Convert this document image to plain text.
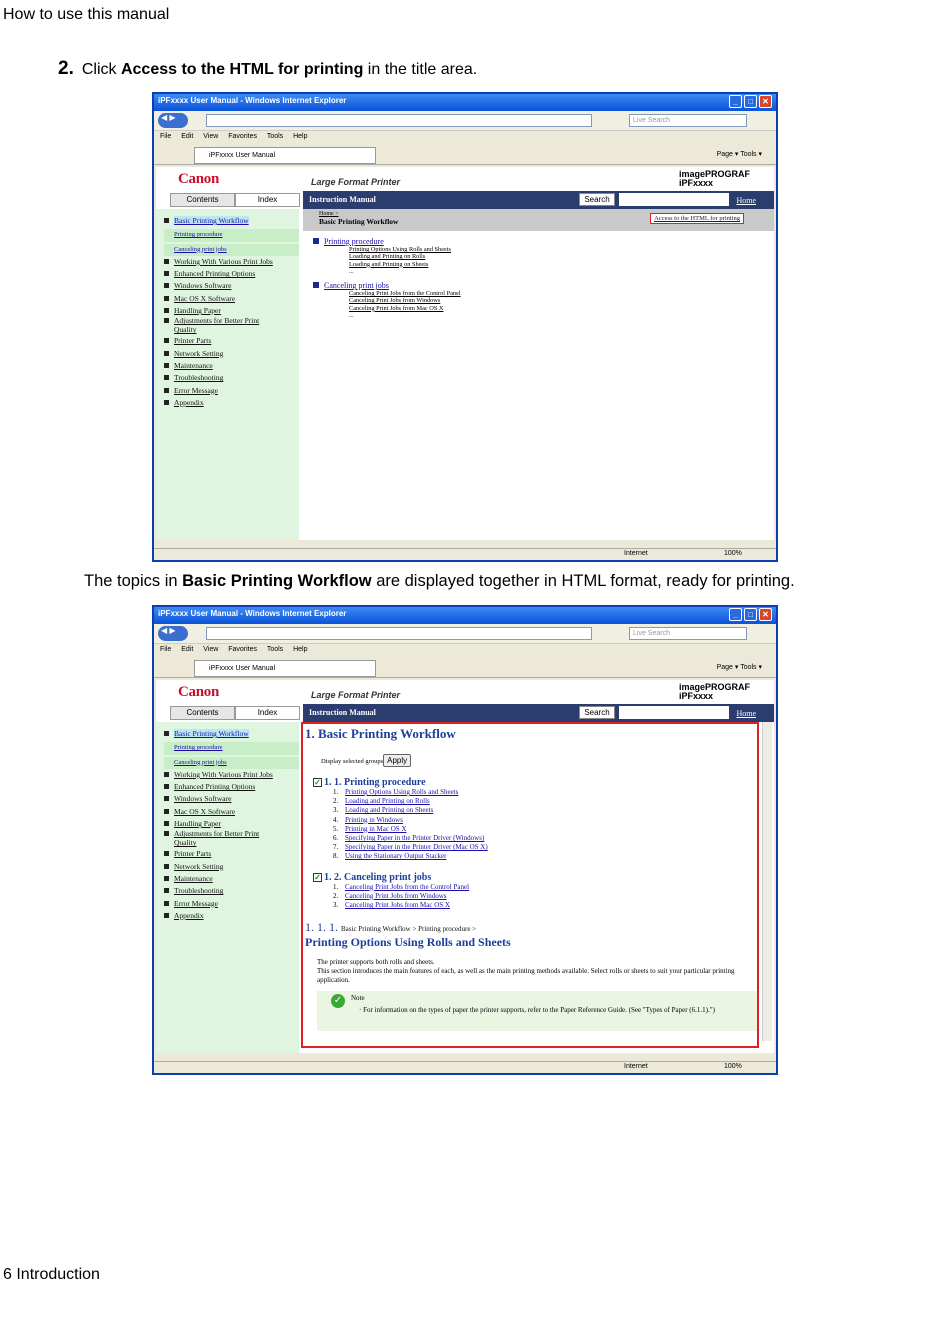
How to use this manual
2. Click Access to the HTML for printing in the title area.
iPFxxxx User Manual - Windows Internet Explorer	_	□	✕
◀ ▶	Live Search
File Edit View Favorites Tools Help
iPFxxxx User Manual	Page ▾ Tools ▾
Canon	Large Format Printer
imagePROGRAF
iPFxxxx
Contents	Index
Basic Printing Workflow
Printing procedure
Canceling print jobs
Working With Various Print Jobs
Enhanced Printing Options
Windows Software
Mac OS X Software
Handling Paper
Adjustments for Better Print
Quality
Printer Parts
Network Setting
Maintenance
Troubleshooting
Error Message
Appendix
Instruction Manual	Search	Home
Home >
Basic Printing Workflow	Access to the HTML for printing
Printing procedure
Printing Options Using Rolls and Sheets
Loading and Printing on Rolls
Loading and Printing on Sheets
...
Canceling print jobs
Canceling Print Jobs from the Control Panel
Canceling Print Jobs from Windows
Canceling Print Jobs from Mac OS X
...
Internet	100%
The topics in Basic Printing Workflow are displayed together in HTML format, ready for printing.
iPFxxxx User Manual - Windows Internet Explorer	_	□	✕
◀ ▶	Live Search
File Edit View Favorites Tools Help
iPFxxxx User Manual	Page ▾ Tools ▾
Canon	Large Format Printer
imagePROGRAF
iPFxxxx
Contents	Index
Basic Printing Workflow
Printing procedure
Canceling print jobs
Working With Various Print Jobs
Enhanced Printing Options
Windows Software
Mac OS X Software
Handling Paper
Adjustments for Better Print
Quality
Printer Parts
Network Setting
Maintenance
Troubleshooting
Error Message
Appendix
Instruction Manual	Search	Home
1. Basic Printing Workflow
Display selected groups Apply
✓ 1. 1. Printing procedure
1. Printing Options Using Rolls and Sheets
2. Loading and Printing on Rolls
3. Loading and Printing on Sheets
4. Printing in Windows
5. Printing in Mac OS X
6. Specifying Paper in the Printer Driver (Windows)
7. Specifying Paper in the Printer Driver (Mac OS X)
8. Using the Stationary Output Stacker
✓ 1. 2. Canceling print jobs
1. Canceling Print Jobs from the Control Panel
2. Canceling Print Jobs from Windows
3. Canceling Print Jobs from Mac OS X
1. 1. 1. Basic Printing Workflow > Printing procedure >
Printing Options Using Rolls and Sheets
The printer supports both rolls and sheets.
This section introduces the main features of each, as well as the main printing methods available. Select rolls or sheets to suit your particular printing application.
✓	Note
· For information on the types of paper the printer supports, refer to the Paper Reference Guide. (See "Types of Paper (6.1.1).")
Internet	100%
6 Introduction
